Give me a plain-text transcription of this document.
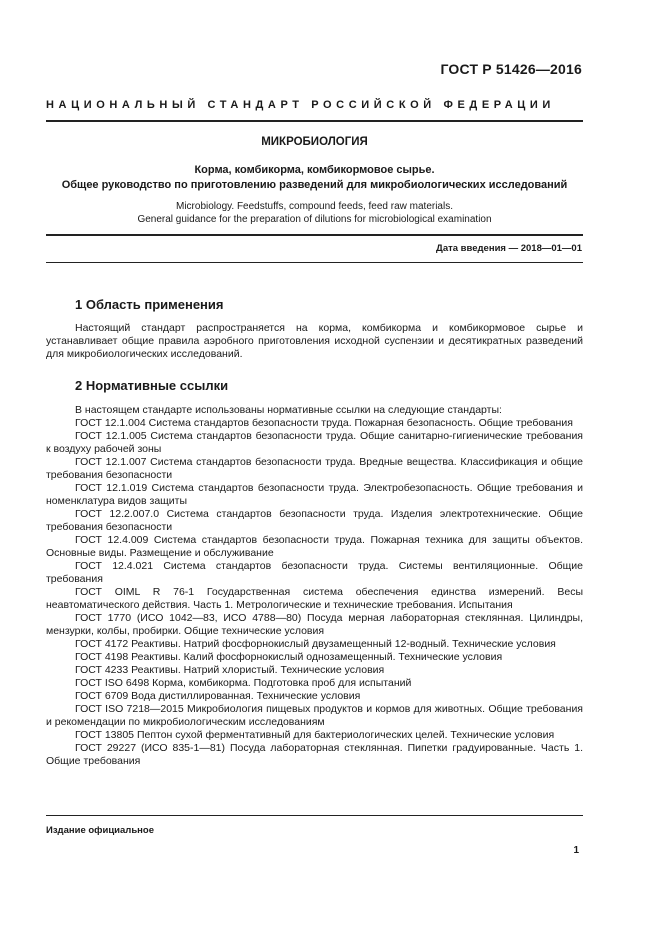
ГОСТ Р 51426—2016
НАЦИОНАЛЬНЫЙ СТАНДАРТ РОССИЙСКОЙ ФЕДЕРАЦИИ
МИКРОБИОЛОГИЯ
Корма, комбикорма, комбикормовое сырье.
Общее руководство по приготовлению разведений для микробиологических исследований
Microbiology. Feedstuffs, compound feeds, feed raw materials.
General guidance for the preparation of dilutions for microbiological examination
Дата введения — 2018—01—01
1 Область применения

Настоящий стандарт распространяется на корма, комбикорма и комбикормовое сырье и устанавливает общие правила аэробного приготовления исходной суспензии и десятикратных разведений для микробиологических исследований.

2 Нормативные ссылки

В настоящем стандарте использованы нормативные ссылки на следующие стандарты:

ГОСТ 12.1.004 Система стандартов безопасности труда. Пожарная безопасность. Общие требования

ГОСТ 12.1.005 Система стандартов безопасности труда. Общие санитарно-гигиенические требования к воздуху рабочей зоны

ГОСТ 12.1.007 Система стандартов безопасности труда. Вредные вещества. Классификация и общие требования безопасности

ГОСТ 12.1.019 Система стандартов безопасности труда. Электробезопасность. Общие требования и номенклатура видов защиты

ГОСТ 12.2.007.0 Система стандартов безопасности труда. Изделия электротехнические. Общие требования безопасности

ГОСТ 12.4.009 Система стандартов безопасности труда. Пожарная техника для защиты объектов. Основные виды. Размещение и обслуживание

ГОСТ 12.4.021 Система стандартов безопасности труда. Системы вентиляционные. Общие требования

ГОСТ OIML R 76-1 Государственная система обеспечения единства измерений. Весы неавтоматического действия. Часть 1. Метрологические и технические требования. Испытания

ГОСТ 1770 (ИСО 1042—83, ИСО 4788—80) Посуда мерная лабораторная стеклянная. Цилиндры, мензурки, колбы, пробирки. Общие технические условия

ГОСТ 4172 Реактивы. Натрий фосфорнокислый двузамещенный 12-водный. Технические условия

ГОСТ 4198 Реактивы. Калий фосфорнокислый однозамещенный. Технические условия

ГОСТ 4233 Реактивы. Натрий хлористый. Технические условия

ГОСТ ISO 6498 Корма, комбикорма. Подготовка проб для испытаний

ГОСТ 6709 Вода дистиллированная. Технические условия

ГОСТ ISO 7218—2015 Микробиология пищевых продуктов и кормов для животных. Общие требования и рекомендации по микробиологическим исследованиям

ГОСТ 13805 Пептон сухой ферментативный для бактериологических целей. Технические условия

ГОСТ 29227 (ИСО 835-1—81) Посуда лабораторная стеклянная. Пипетки градуированные. Часть 1. Общие требования

Издание официальное
1
